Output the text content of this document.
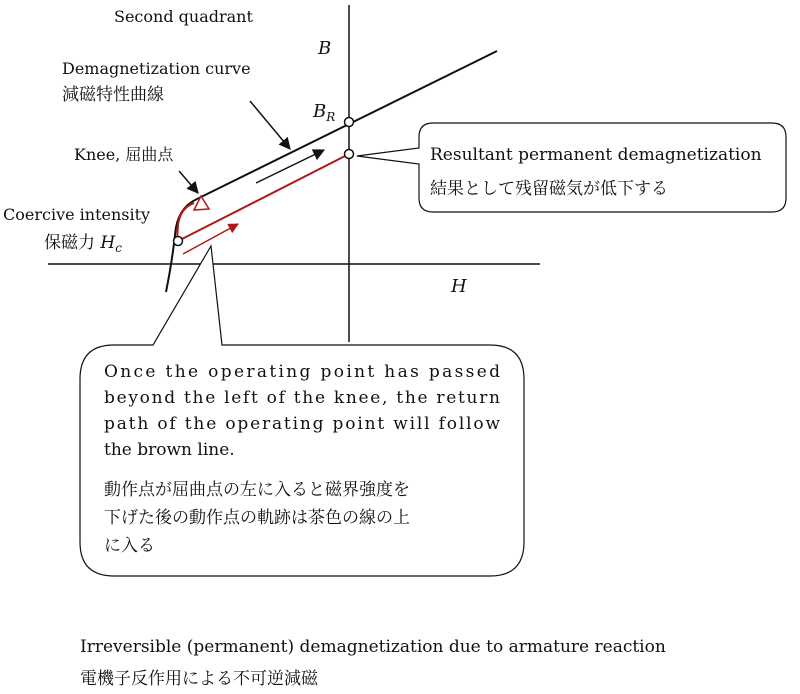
Second quadrant
B
$B_R$
H
Demagnetization curve
減磁特性曲線
Knee, 屈曲点
Coercive intensity
保磁力 $H_c$
Resultant permanent demagnetization
結果として残留磁気が低下する
Once the operating point has passed
beyond the left of the knee, the return
path of the operating point will follow
the brown line.
動作点が屈曲点の左に入ると磁界強度を
下げた後の動作点の軌跡は茶色の線の上
に入る
Irreversible (permanent) demagnetization due to armature reaction
電機子反作用による不可逆減磁
